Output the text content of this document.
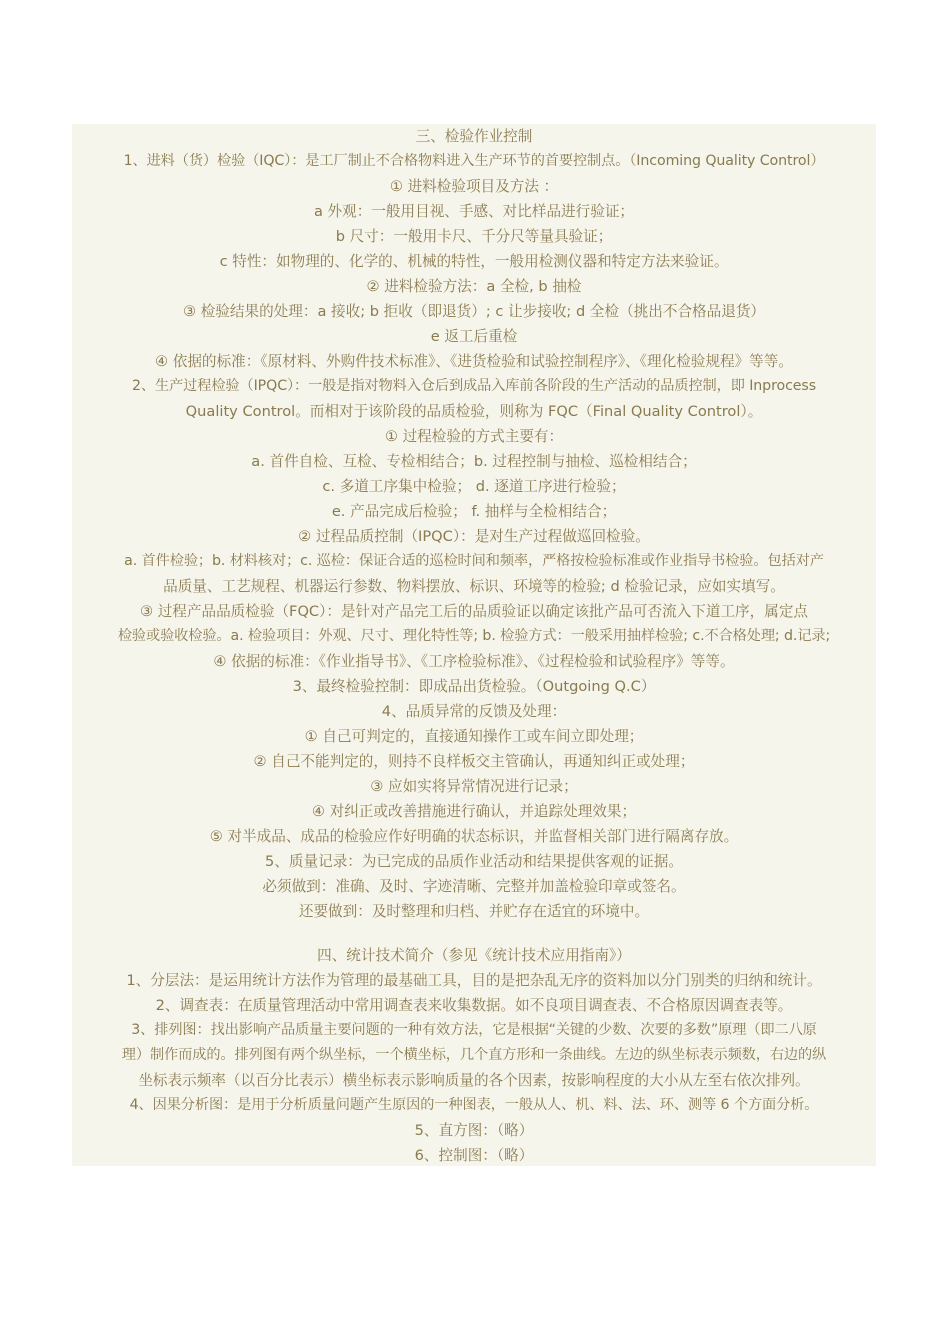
三、检验作业控制
1、进料（货）检验（IQC）：是工厂制止不合格物料进入生产环节的首要控制点。（Incoming Quality Control）
① 进料检验项目及方法 ：
a 外观：一般用目视、手感、对比样品进行验证；
b 尺寸：一般用卡尺、千分尺等量具验证；
c 特性：如物理的、化学的、机械的特性，一般用检测仪器和特定方法来验证。
② 进料检验方法：a 全检, b 抽检
③ 检验结果的处理：a 接收; b 拒收（即退货）; c 让步接收; d 全检（挑出不合格品退货）
e 返工后重检
④ 依据的标准：《原材料、外购件技术标准》、《进货检验和试验控制程序》、《理化检验规程》等等。
2、生产过程检验（IPQC）：一般是指对物料入仓后到成品入库前各阶段的生产活动的品质控制，即 Inprocess
Quality Control。而相对于该阶段的品质检验，则称为 FQC（Final Quality Control）。
① 过程检验的方式主要有：
a. 首件自检、互检、专检相结合；b. 过程控制与抽检、巡检相结合；
c. 多道工序集中检验； d. 逐道工序进行检验；
e. 产品完成后检验； f. 抽样与全检相结合；
② 过程品质控制（IPQC）：是对生产过程做巡回检验。
a. 首件检验；b. 材料核对；c. 巡检：保证合适的巡检时间和频率，严格按检验标准或作业指导书检验。包括对产
品质量、工艺规程、机器运行参数、物料摆放、标识、环境等的检验; d 检验记录，应如实填写。
③ 过程产品品质检验（FQC）：是针对产品完工后的品质验证以确定该批产品可否流入下道工序，属定点
检验或验收检验。a. 检验项目：外观、尺寸、理化特性等; b. 检验方式：一般采用抽样检验; c.不合格处理; d.记录;
④ 依据的标准：《作业指导书》、《工序检验标准》、《过程检验和试验程序》等等。
3、最终检验控制：即成品出货检验。（Outgoing Q.C）
4、品质异常的反馈及处理：
① 自己可判定的，直接通知操作工或车间立即处理；
② 自己不能判定的，则持不良样板交主管确认，再通知纠正或处理；
③ 应如实将异常情况进行记录；
④ 对纠正或改善措施进行确认，并追踪处理效果；
⑤ 对半成品、成品的检验应作好明确的状态标识，并监督相关部门进行隔离存放。
5、质量记录：为已完成的品质作业活动和结果提供客观的证据。
必须做到：准确、及时、字迹清晰、完整并加盖检验印章或签名。
还要做到：及时整理和归档、并贮存在适宜的环境中。
四、统计技术简介（参见《统计技术应用指南》）
1、分层法：是运用统计方法作为管理的最基础工具，目的是把杂乱无序的资料加以分门别类的归纳和统计。
2、调查表：在质量管理活动中常用调查表来收集数据。如不良项目调查表、不合格原因调查表等。
3、排列图：找出影响产品质量主要问题的一种有效方法，它是根据“关键的少数、次要的多数”原理（即二八原
理）制作而成的。排列图有两个纵坐标，一个横坐标，几个直方形和一条曲线。左边的纵坐标表示频数，右边的纵
坐标表示频率（以百分比表示）横坐标表示影响质量的各个因素，按影响程度的大小从左至右依次排列。
4、因果分析图：是用于分析质量问题产生原因的一种图表，一般从人、机、料、法、环、测等 6 个方面分析。
5、直方图：（略）
6、控制图：（略）
